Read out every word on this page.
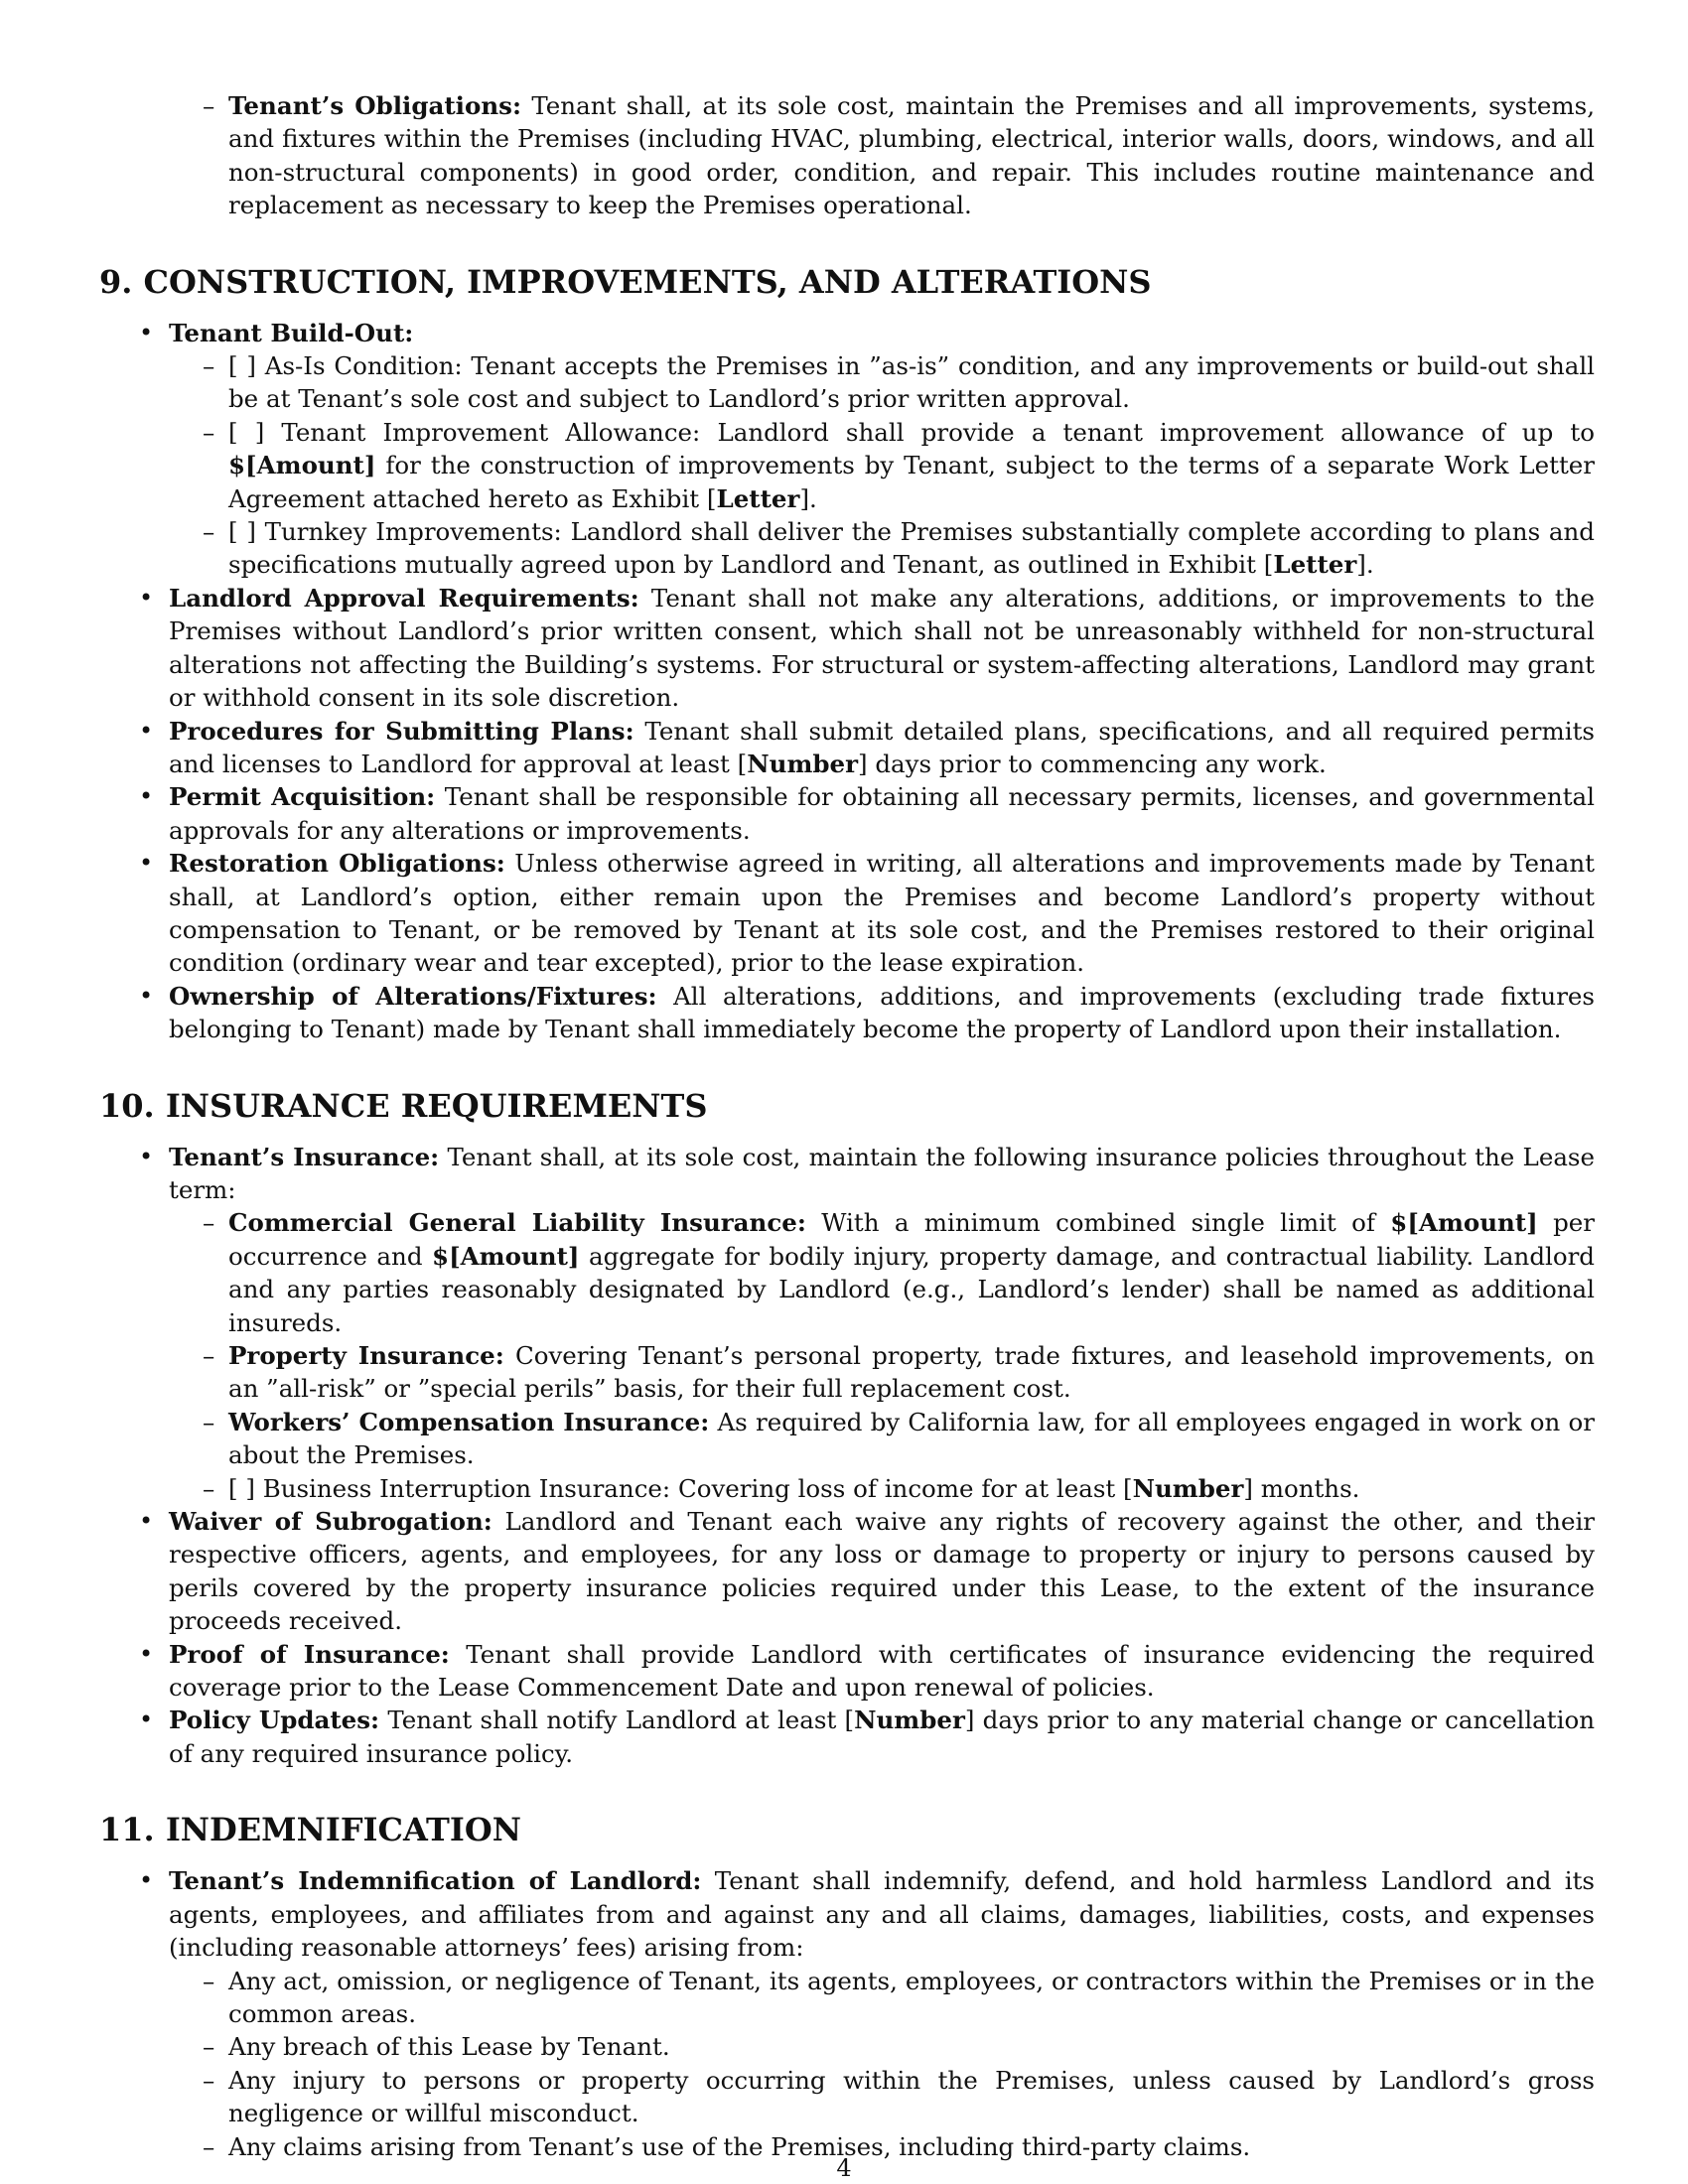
– Tenant’s Obligations: Tenant shall, at its sole cost, maintain the Premises and all improvements, systems, and fixtures within the Premises (including HVAC, plumbing, electrical, interior walls, doors, windows, and all non-structural components) in good order, condition, and repair. This includes routine maintenance and replacement as necessary to keep the Premises operational.
9. CONSTRUCTION, IMPROVEMENTS, AND ALTERATIONS
• Tenant Build-Out:
– [ ] As-Is Condition: Tenant accepts the Premises in ”as-is” condition, and any improvements or build-out shall be at Tenant’s sole cost and subject to Landlord’s prior written approval.
– [ ] Tenant Improvement Allowance: Landlord shall provide a tenant improvement allowance of up to $[Amount] for the construction of improvements by Tenant, subject to the terms of a separate Work Letter Agreement attached hereto as Exhibit [Letter].
– [ ] Turnkey Improvements: Landlord shall deliver the Premises substantially complete according to plans and specifications mutually agreed upon by Landlord and Tenant, as outlined in Exhibit [Letter].
• Landlord Approval Requirements: Tenant shall not make any alterations, additions, or improvements to the Premises without Landlord’s prior written consent, which shall not be unreasonably withheld for non-structural alterations not affecting the Building’s systems. For structural or system-affecting alterations, Landlord may grant or withhold consent in its sole discretion.
• Procedures for Submitting Plans: Tenant shall submit detailed plans, specifications, and all required permits and licenses to Landlord for approval at least [Number] days prior to commencing any work.
• Permit Acquisition: Tenant shall be responsible for obtaining all necessary permits, licenses, and governmental approvals for any alterations or improvements.
• Restoration Obligations: Unless otherwise agreed in writing, all alterations and improvements made by Tenant shall, at Landlord’s option, either remain upon the Premises and become Landlord’s property without compensation to Tenant, or be removed by Tenant at its sole cost, and the Premises restored to their original condition (ordinary wear and tear excepted), prior to the lease expiration.
• Ownership of Alterations/Fixtures: All alterations, additions, and improvements (excluding trade fixtures belonging to Tenant) made by Tenant shall immediately become the property of Landlord upon their installation.
10. INSURANCE REQUIREMENTS
• Tenant’s Insurance: Tenant shall, at its sole cost, maintain the following insurance policies throughout the Lease term:
– Commercial General Liability Insurance: With a minimum combined single limit of $[Amount] per occurrence and $[Amount] aggregate for bodily injury, property damage, and contractual liability. Landlord and any parties reasonably designated by Landlord (e.g., Landlord’s lender) shall be named as additional insureds.
– Property Insurance: Covering Tenant’s personal property, trade fixtures, and leasehold improvements, on an ”all-risk” or ”special perils” basis, for their full replacement cost.
– Workers’ Compensation Insurance: As required by California law, for all employees engaged in work on or about the Premises.
– [ ] Business Interruption Insurance: Covering loss of income for at least [Number] months.
• Waiver of Subrogation: Landlord and Tenant each waive any rights of recovery against the other, and their respective officers, agents, and employees, for any loss or damage to property or injury to persons caused by perils covered by the property insurance policies required under this Lease, to the extent of the insurance proceeds received.
• Proof of Insurance: Tenant shall provide Landlord with certificates of insurance evidencing the required coverage prior to the Lease Commencement Date and upon renewal of policies.
• Policy Updates: Tenant shall notify Landlord at least [Number] days prior to any material change or cancellation of any required insurance policy.
11. INDEMNIFICATION
• Tenant’s Indemnification of Landlord: Tenant shall indemnify, defend, and hold harmless Landlord and its agents, employees, and affiliates from and against any and all claims, damages, liabilities, costs, and expenses (including reasonable attorneys’ fees) arising from:
– Any act, omission, or negligence of Tenant, its agents, employees, or contractors within the Premises or in the common areas.
– Any breach of this Lease by Tenant.
– Any injury to persons or property occurring within the Premises, unless caused by Landlord’s gross negligence or willful misconduct.
– Any claims arising from Tenant’s use of the Premises, including third-party claims.
4
